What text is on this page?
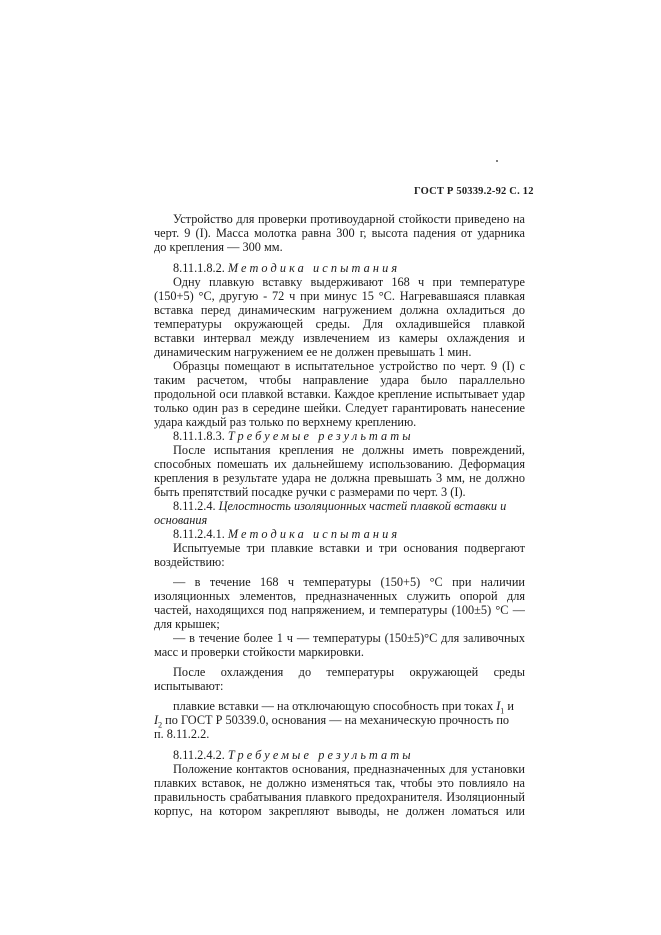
ГОСТ Р 50339.2-92 С. 12
Устройство для проверки противоударной стойкости приведено на
черт. 9 (I). Масса молотка равна 300 г, высота падения от ударника
до крепления — 300 мм.
8.11.1.8.2. Методика испытания
Одну плавкую вставку выдерживают 168 ч при температуре
(150+5) °С, другую - 72 ч при минус 15 °С. Нагревавшаяся плавкая
вставка перед динамическим нагружением должна охладиться до
температуры окружающей среды. Для охладившейся плавкой
вставки интервал между извлечением из камеры охлаждения и
динамическим нагружением ее не должен превышать 1 мин.
Образцы помещают в испытательное устройство по черт. 9 (I) с
таким расчетом, чтобы направление удара было параллельно
продольной оси плавкой вставки. Каждое крепление испытывает удар
только один раз в середине шейки. Следует гарантировать нанесение
удара каждый раз только по верхнему креплению.
8.11.1.8.3. Требуемые результаты
После испытания крепления не должны иметь повреждений,
способных помешать их дальнейшему использованию. Деформация
крепления в результате удара не должна превышать 3 мм, не должно
быть препятствий посадке ручки с размерами по черт. 3 (I).
8.11.2.4. Целостность изоляционных частей плавкой вставки и
основания
8.11.2.4.1. Методика испытания
Испытуемые три плавкие вставки и три основания подвергают
воздействию:
— в течение 168 ч температуры (150+5) °С при наличии
изоляционных элементов, предназначенных служить опорой для
частей, находящихся под напряжением, и температуры (100±5) °С —
для крышек;
— в течение более 1 ч — температуры (150±5)°С для заливочных
масс и проверки стойкости маркировки.
После охлаждения до температуры окружающей среды
испытывают:
плавкие вставки — на отключающую способность при токах $I_1$ и
$I_2$ по ГОСТ Р 50339.0, основания — на механическую прочность по
п. 8.11.2.2.
8.11.2.4.2. Требуемые результаты
Положение контактов основания, предназначенных для установки
плавких вставок, не должно изменяться так, чтобы это повлияло на
правильность срабатывания плавкого предохранителя. Изоляционный
корпус, на котором закрепляют выводы, не должен ломаться или
